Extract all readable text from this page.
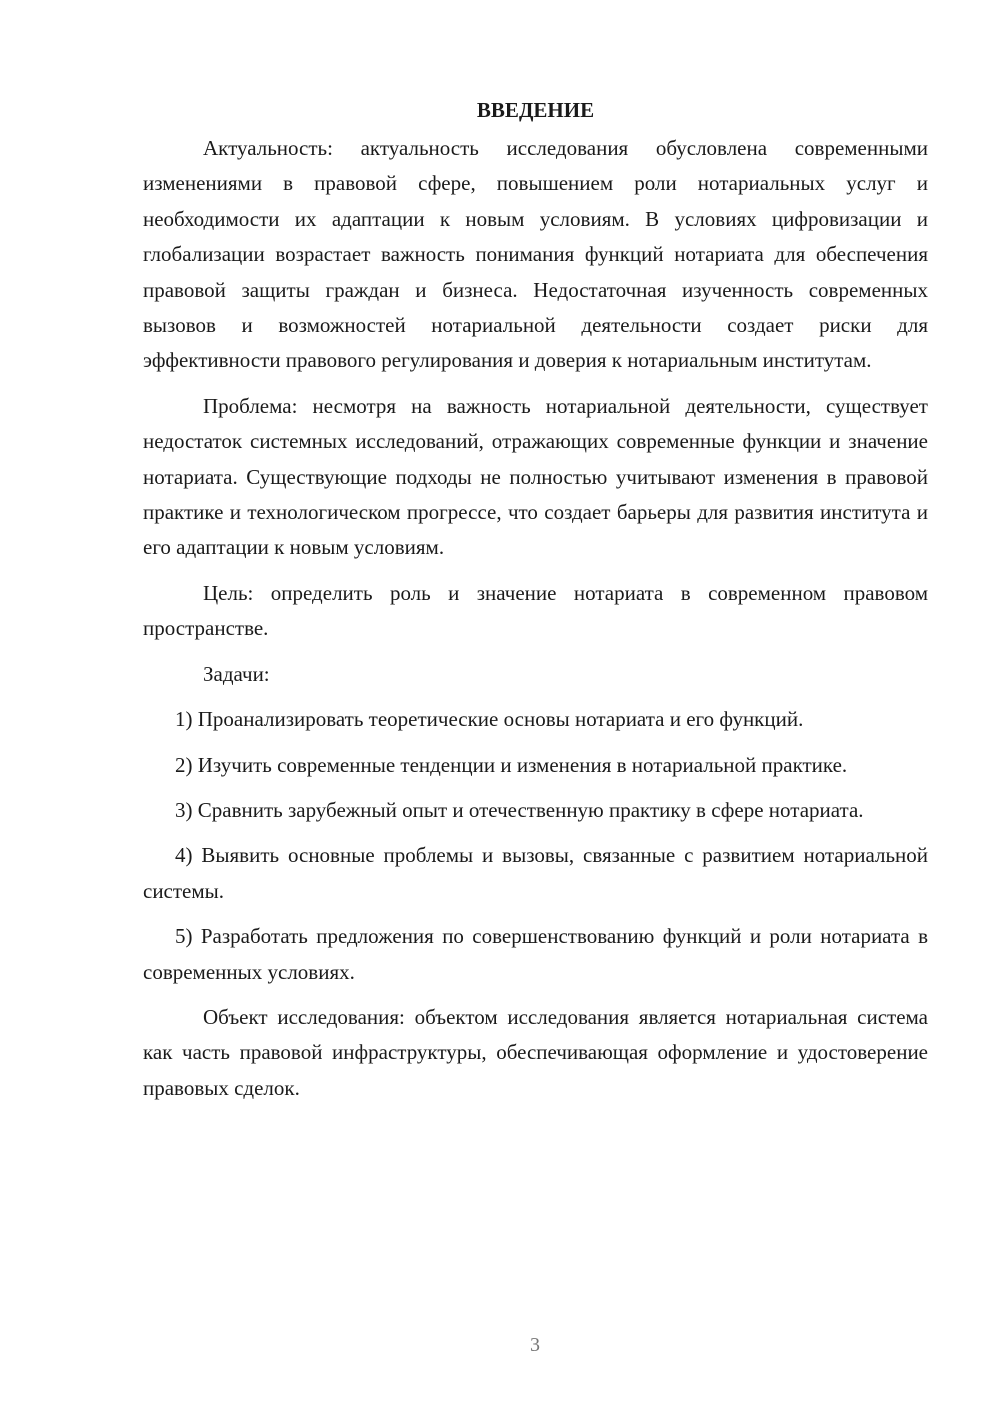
ВВЕДЕНИЕ

Актуальность: актуальность исследования обусловлена современными изменениями в правовой сфере, повышением роли нотариальных услуг и необходимости их адаптации к новым условиям. В условиях цифровизации и глобализации возрастает важность понимания функций нотариата для обеспечения правовой защиты граждан и бизнеса. Недостаточная изученность современных вызовов и возможностей нотариальной деятельности создает риски для эффективности правового регулирования и доверия к нотариальным институтам.

Проблема: несмотря на важность нотариальной деятельности, существует недостаток системных исследований, отражающих современные функции и значение нотариата. Существующие подходы не полностью учитывают изменения в правовой практике и технологическом прогрессе, что создает барьеры для развития института и его адаптации к новым условиям.

Цель: определить роль и значение нотариата в современном правовом пространстве.

Задачи:

1) Проанализировать теоретические основы нотариата и его функций.

2) Изучить современные тенденции и изменения в нотариальной практике.

3) Сравнить зарубежный опыт и отечественную практику в сфере нотариата.

4) Выявить основные проблемы и вызовы, связанные с развитием нотариальной системы.

5) Разработать предложения по совершенствованию функций и роли нотариата в современных условиях.

Объект исследования: объектом исследования является нотариальная система как часть правовой инфраструктуры, обеспечивающая оформление и удостоверение правовых сделок.

3
